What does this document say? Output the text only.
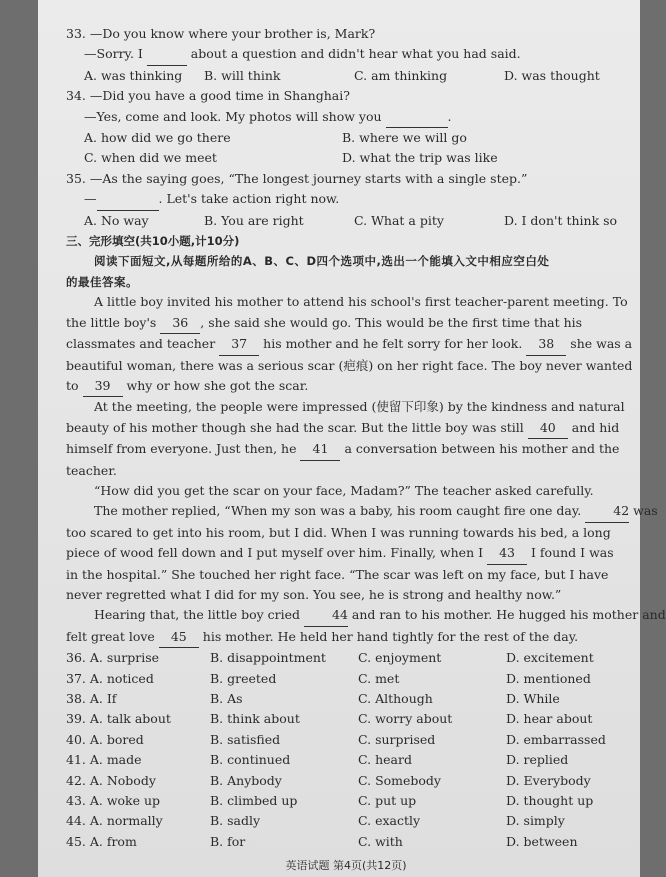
33. —Do you know where your brother is, Mark?
—Sorry. I	about a question and didn't hear what you had said.
A. was thinking	B. will think	C. am thinking	D. was thought
34. —Did you have a good time in Shanghai?
—Yes, come and look. My photos will show you	.
A. how did we go there	B. where we will go
C. when did we meet	D. what the trip was like
35. —As the saying goes, “The longest journey starts with a single step.”
—	. Let's take action right now.
A. No way	B. You are right	C. What a pity	D. I don't think so
三、完形填空(共10小题,计10分)
阅读下面短文,从每题所给的A、B、C、D四个选项中,选出一个能填入文中相应空白处
的最佳答案。
A little boy invited his mother to attend his school's first teacher-parent meeting. To
the little boy's 36 , she said she would go. This would be the first time that his
classmates and teacher 37 his mother and he felt sorry for her look. 38 she was a
beautiful woman, there was a serious scar (疤痕) on her right face. The boy never wanted
to 39 why or how she got the scar.
At the meeting, the people were impressed (使留下印象) by the kindness and natural
beauty of his mother though she had the scar. But the little boy was still 40 and hid
himself from everyone. Just then, he 41 a conversation between his mother and the
teacher.
“How did you get the scar on your face, Madam?” The teacher asked carefully.
The mother replied, “When my son was a baby, his room caught fire one day.	42 was
too scared to get into his room, but I did. When I was running towards his bed, a long
piece of wood fell down and I put myself over him. Finally, when I 43 I found I was
in the hospital.” She touched her right face. “The scar was left on my face, but I have
never regretted what I did for my son. You see, he is strong and healthy now.”
Hearing that, the little boy cried	44 and ran to his mother. He hugged his mother and
felt great love 45 his mother. He held her hand tightly for the rest of the day.
36. A. surprise	B. disappointment	C. enjoyment	D. excitement
37. A. noticed	B. greeted	C. met	D. mentioned
38. A. If	B. As	C. Although	D. While
39. A. talk about	B. think about	C. worry about	D. hear about
40. A. bored	B. satisfied	C. surprised	D. embarrassed
41. A. made	B. continued	C. heard	D. replied
42. A. Nobody	B. Anybody	C. Somebody	D. Everybody
43. A. woke up	B. climbed up	C. put up	D. thought up
44. A. normally	B. sadly	C. exactly	D. simply
45. A. from	B. for	C. with	D. between
英语试题 第4页(共12页)
